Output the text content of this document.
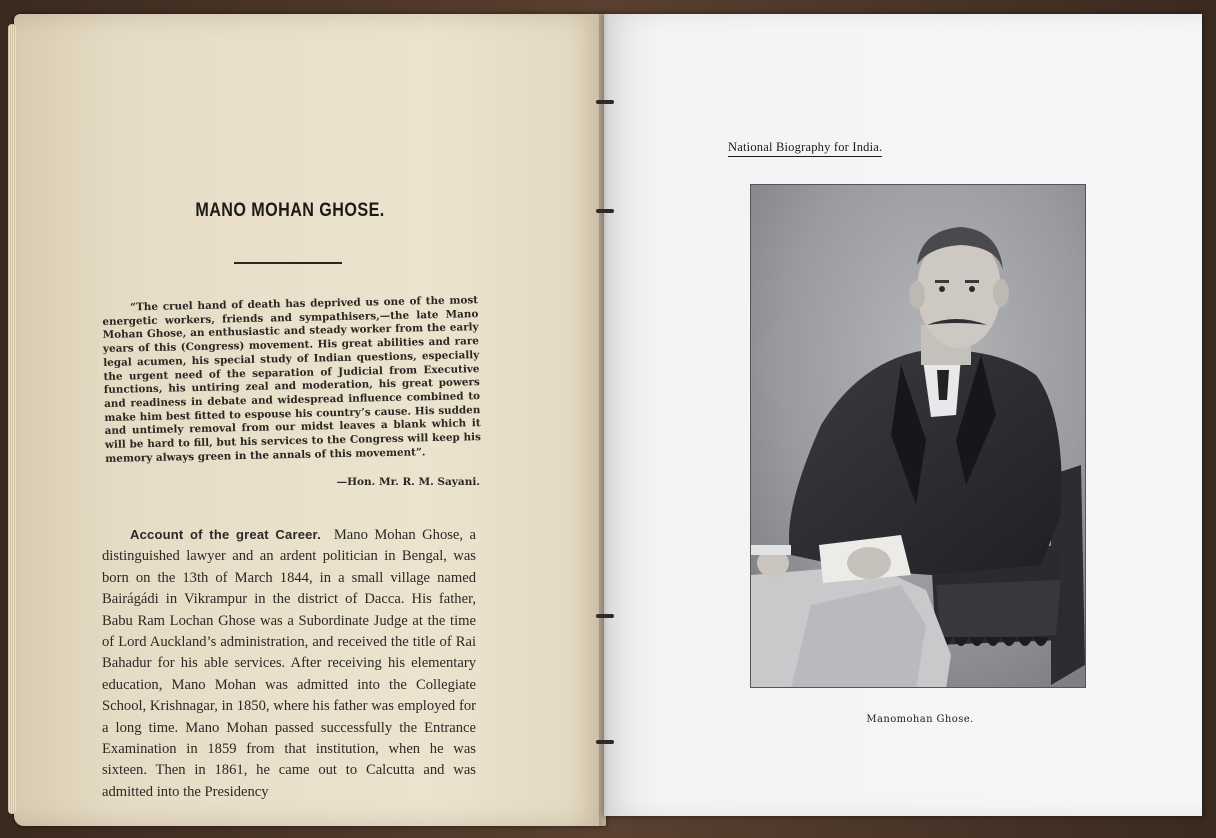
MANO MOHAN GHOSE.
“The cruel hand of death has deprived us one of the most energetic workers, friends and sympathisers,—the late Mano Mohan Ghose, an enthusiastic and steady worker from the early years of this (Congress) movement. His great abilities and rare legal acumen, his special study of Indian questions, especially the urgent need of the separation of Judicial from Executive functions, his untiring zeal and moderation, his great powers and readiness in debate and widespread influence combined to make him best fitted to espouse his country’s cause. His sudden and untimely removal from our midst leaves a blank which it will be hard to fill, but his services to the Congress will keep his memory always green in the annals of this movement”.
—Hon. Mr. R. M. Sayani.
Account of the great Career. Mano Mohan Ghose, a distinguished lawyer and an ardent politician in Bengal, was born on the 13th of March 1844, in a small village named Bairágádi in Vikrampur in the district of Dacca. His father, Babu Ram Lochan Ghose was a Subordinate Judge at the time of Lord Auckland’s administration, and received the title of Rai Bahadur for his able services. After receiving his elementary education, Mano Mohan was admitted into the Collegiate School, Krishnagar, in 1850, where his father was employed for a long time. Mano Mohan passed successfully the Entrance Examination in 1859 from that institution, when he was sixteen. Then in 1861, he came out to Calcutta and was admitted into the Presidency
National Biography for India.
Manomohan Ghose.
